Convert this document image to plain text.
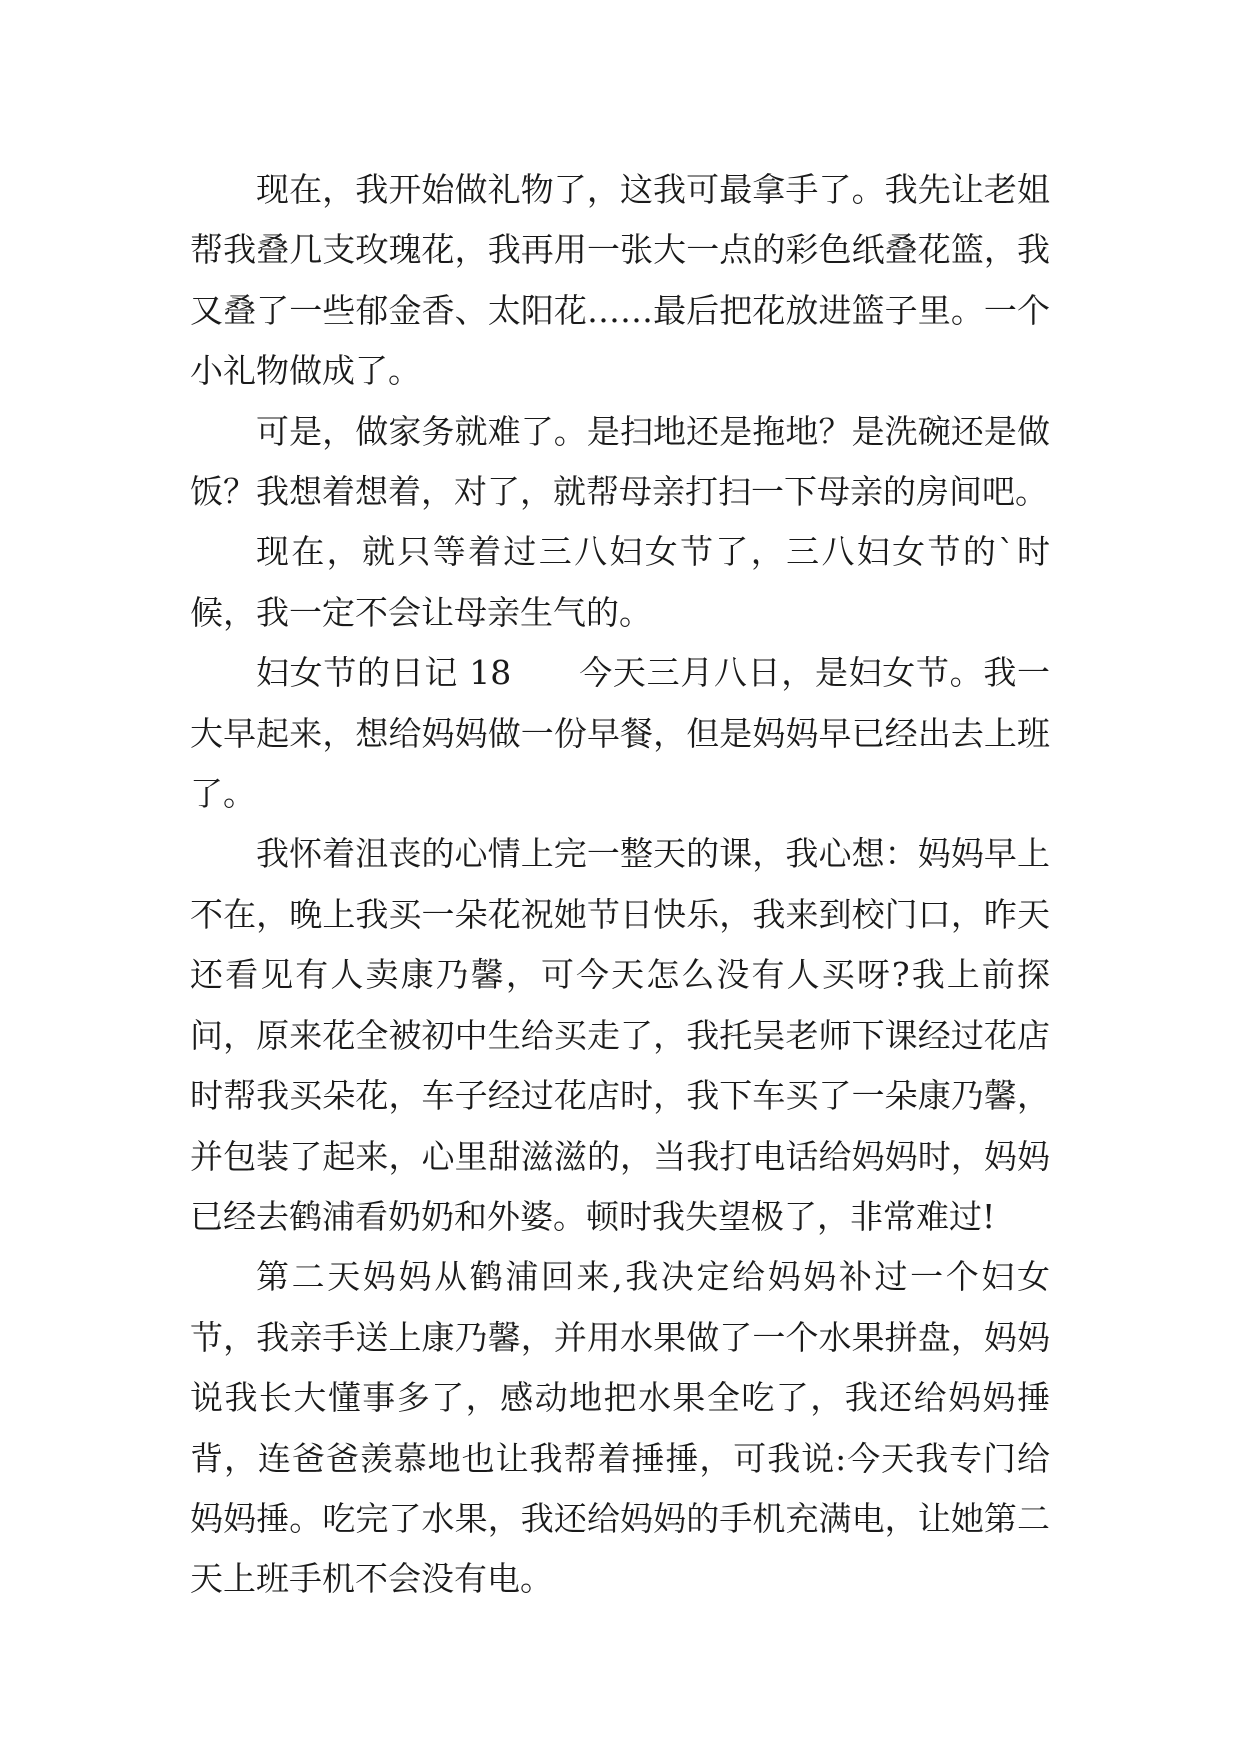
现在，我开始做礼物了，这我可最拿手了。我先让老姐帮我叠几支玫瑰花，我再用一张大一点的彩色纸叠花篮，我又叠了一些郁金香、太阳花……最后把花放进篮子里。一个小礼物做成了。

可是，做家务就难了。是扫地还是拖地？是洗碗还是做饭？我想着想着，对了，就帮母亲打扫一下母亲的房间吧。

现在，就只等着过三八妇女节了，三八妇女节的`时候，我一定不会让母亲生气的。

妇女节的日记 18　　今天三月八日，是妇女节。我一大早起来，想给妈妈做一份早餐，但是妈妈早已经出去上班了。

我怀着沮丧的心情上完一整天的课，我心想：妈妈早上不在，晚上我买一朵花祝她节日快乐，我来到校门口，昨天还看见有人卖康乃馨，可今天怎么没有人买呀?我上前探问，原来花全被初中生给买走了，我托吴老师下课经过花店时帮我买朵花，车子经过花店时，我下车买了一朵康乃馨，并包装了起来，心里甜滋滋的，当我打电话给妈妈时，妈妈已经去鹤浦看奶奶和外婆。顿时我失望极了，非常难过!

第二天妈妈从鹤浦回来,我决定给妈妈补过一个妇女节，我亲手送上康乃馨，并用水果做了一个水果拼盘，妈妈说我长大懂事多了，感动地把水果全吃了，我还给妈妈捶背，连爸爸羡慕地也让我帮着捶捶，可我说:今天我专门给妈妈捶。吃完了水果，我还给妈妈的手机充满电，让她第二天上班手机不会没有电。
